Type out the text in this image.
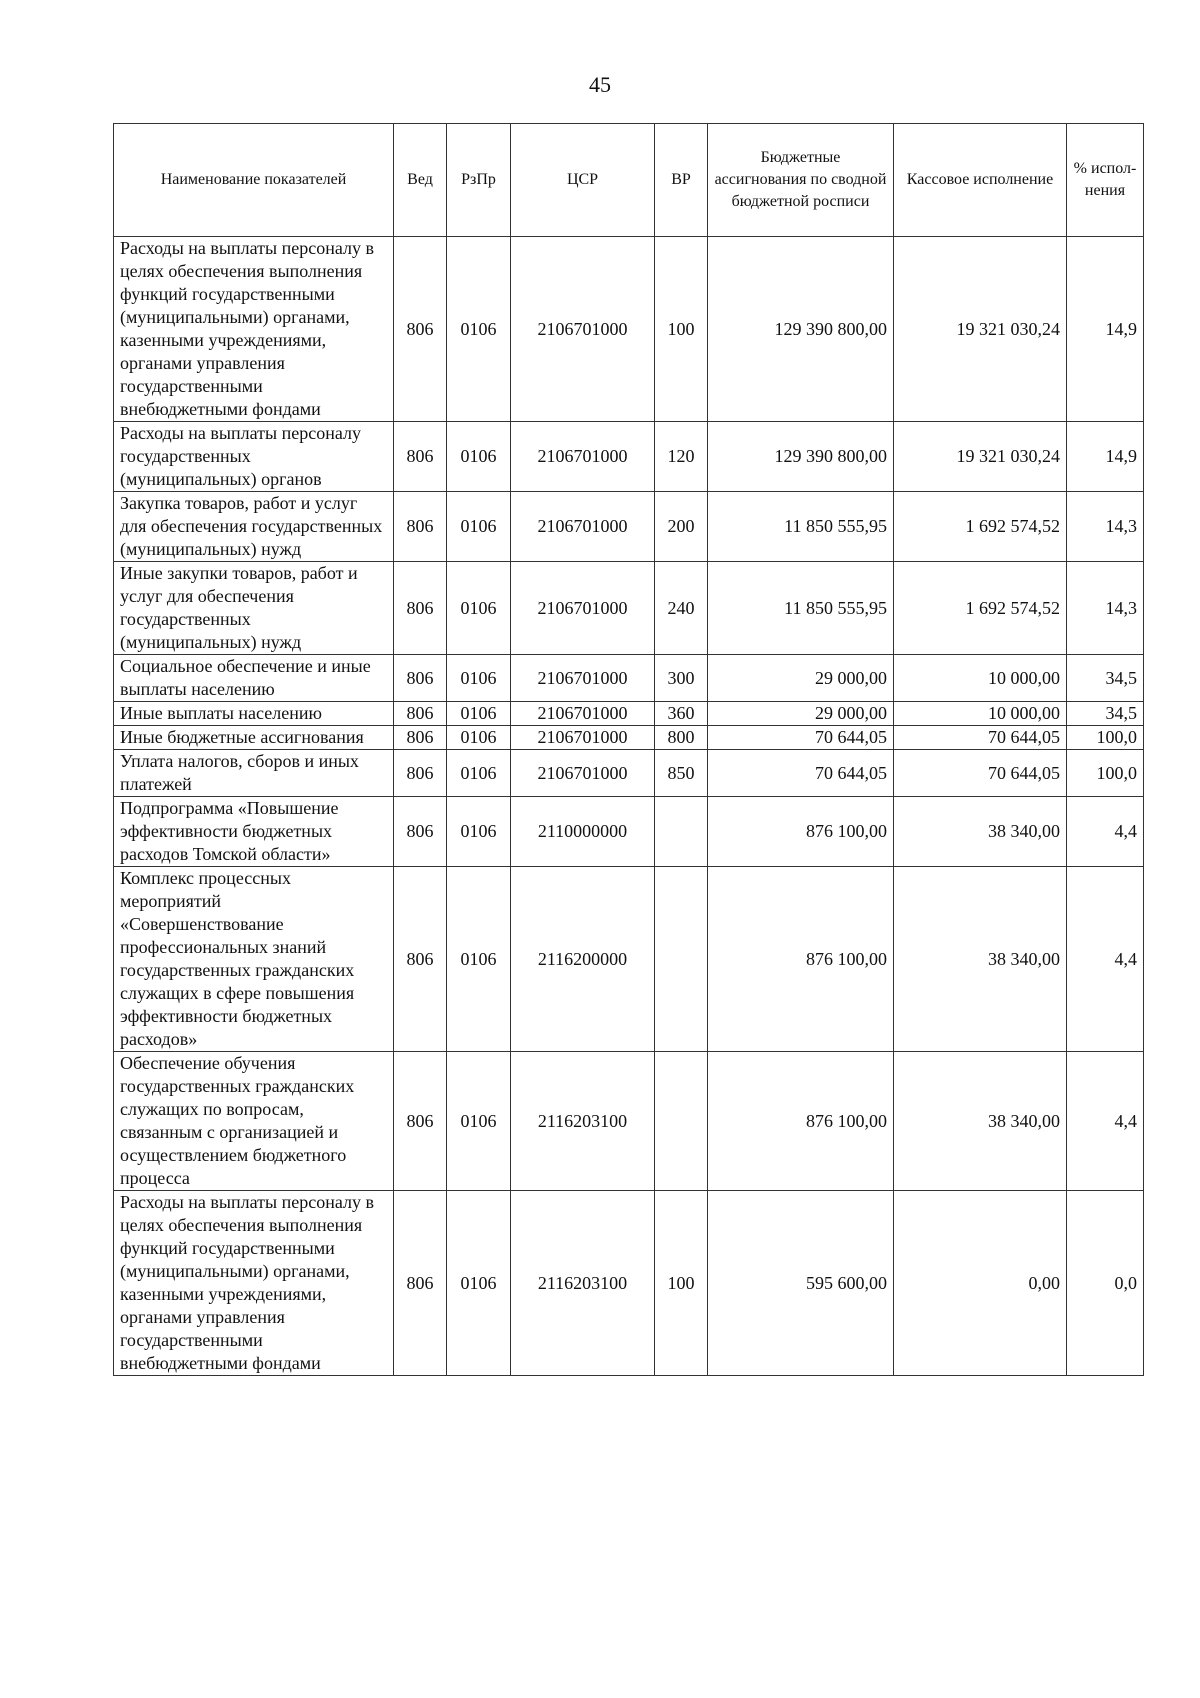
45
Наименование показателей	Вед	РзПр	ЦСР	ВР	Бюджетные ассигнования по сводной бюджетной росписи	Кассовое исполнение	% испол-нения
Расходы на выплаты персоналу в целях обеспечения выполнения функций государственными (муниципальными) органами, казенными учреждениями, органами управления государственными внебюджетными фондами	806	0106	2106701000	100	129 390 800,00	19 321 030,24	14,9
Расходы на выплаты персоналу государственных (муниципальных) органов	806	0106	2106701000	120	129 390 800,00	19 321 030,24	14,9
Закупка товаров, работ и услуг для обеспечения государственных (муниципальных) нужд	806	0106	2106701000	200	11 850 555,95	1 692 574,52	14,3
Иные закупки товаров, работ и услуг для обеспечения государственных (муниципальных) нужд	806	0106	2106701000	240	11 850 555,95	1 692 574,52	14,3
Социальное обеспечение и иные выплаты населению	806	0106	2106701000	300	29 000,00	10 000,00	34,5
Иные выплаты населению	806	0106	2106701000	360	29 000,00	10 000,00	34,5
Иные бюджетные ассигнования	806	0106	2106701000	800	70 644,05	70 644,05	100,0
Уплата налогов, сборов и иных платежей	806	0106	2106701000	850	70 644,05	70 644,05	100,0
Подпрограмма «Повышение эффективности бюджетных расходов Томской области»	806	0106	2110000000		876 100,00	38 340,00	4,4
Комплекс процессных мероприятий «Совершенствование профессиональных знаний государственных гражданских служащих в сфере повышения эффективности бюджетных расходов»	806	0106	2116200000		876 100,00	38 340,00	4,4
Обеспечение обучения государственных гражданских служащих по вопросам, связанным с организацией и осуществлением бюджетного процесса	806	0106	2116203100		876 100,00	38 340,00	4,4
Расходы на выплаты персоналу в целях обеспечения выполнения функций государственными (муниципальными) органами, казенными учреждениями, органами управления государственными внебюджетными фондами	806	0106	2116203100	100	595 600,00	0,00	0,0
